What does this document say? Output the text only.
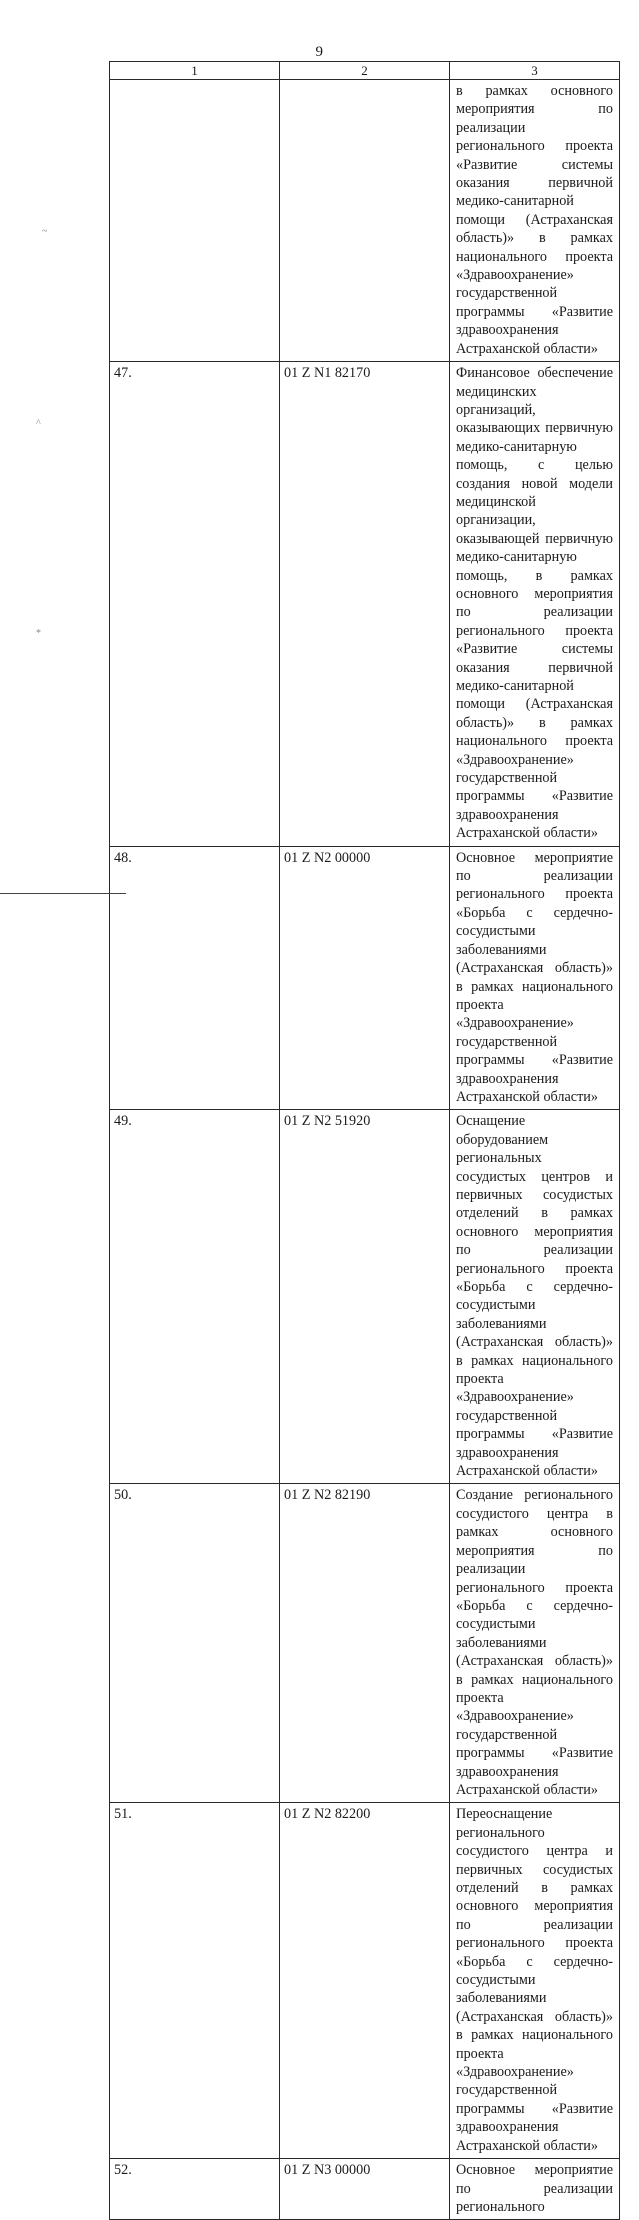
9
~
^
*
1	2	3
		в рамках основного мероприятия по реализации регионального проекта «Развитие системы оказания первичной медико-санитарной помощи (Астраханская область)» в рамках национального проекта «Здравоохранение» государственной программы «Развитие здравоохранения Астраханской области»
47.	01 Z N1 82170	Финансовое обеспечение медицинских организаций, оказывающих первичную медико-санитарную помощь, с целью создания новой модели медицинской организации, оказывающей первичную медико-санитарную помощь, в рамках основного мероприятия по реализации регионального проекта «Развитие системы оказания первичной медико-санитарной помощи (Астраханская область)» в рамках национального проекта «Здравоохранение» государственной программы «Развитие здравоохранения Астраханской области»
48.	01 Z N2 00000	Основное мероприятие по реализации регионального проекта «Борьба с сердечно-сосудистыми заболеваниями (Астраханская область)» в рамках национального проекта «Здравоохранение» государственной программы «Развитие здравоохранения Астраханской области»
49.	01 Z N2 51920	Оснащение оборудованием региональных сосудистых центров и первичных сосудистых отделений в рамках основного мероприятия по реализации регионального проекта «Борьба с сердечно-сосудистыми заболеваниями (Астраханская область)» в рамках национального проекта «Здравоохранение» государственной программы «Развитие здравоохранения Астраханской области»
50.	01 Z N2 82190	Создание регионального сосудистого центра в рамках основного мероприятия по реализации регионального проекта «Борьба с сердечно-сосудистыми заболеваниями (Астраханская область)» в рамках национального проекта «Здравоохранение» государственной программы «Развитие здравоохранения Астраханской области»
51.	01 Z N2 82200	Переоснащение регионального сосудистого центра и первичных сосудистых отделений в рамках основного мероприятия по реализации регионального проекта «Борьба с сердечно-сосудистыми заболеваниями (Астраханская область)» в рамках национального проекта «Здравоохранение» государственной программы «Развитие здравоохранения Астраханской области»
52.	01 Z N3 00000	Основное мероприятие по реализации регионального
